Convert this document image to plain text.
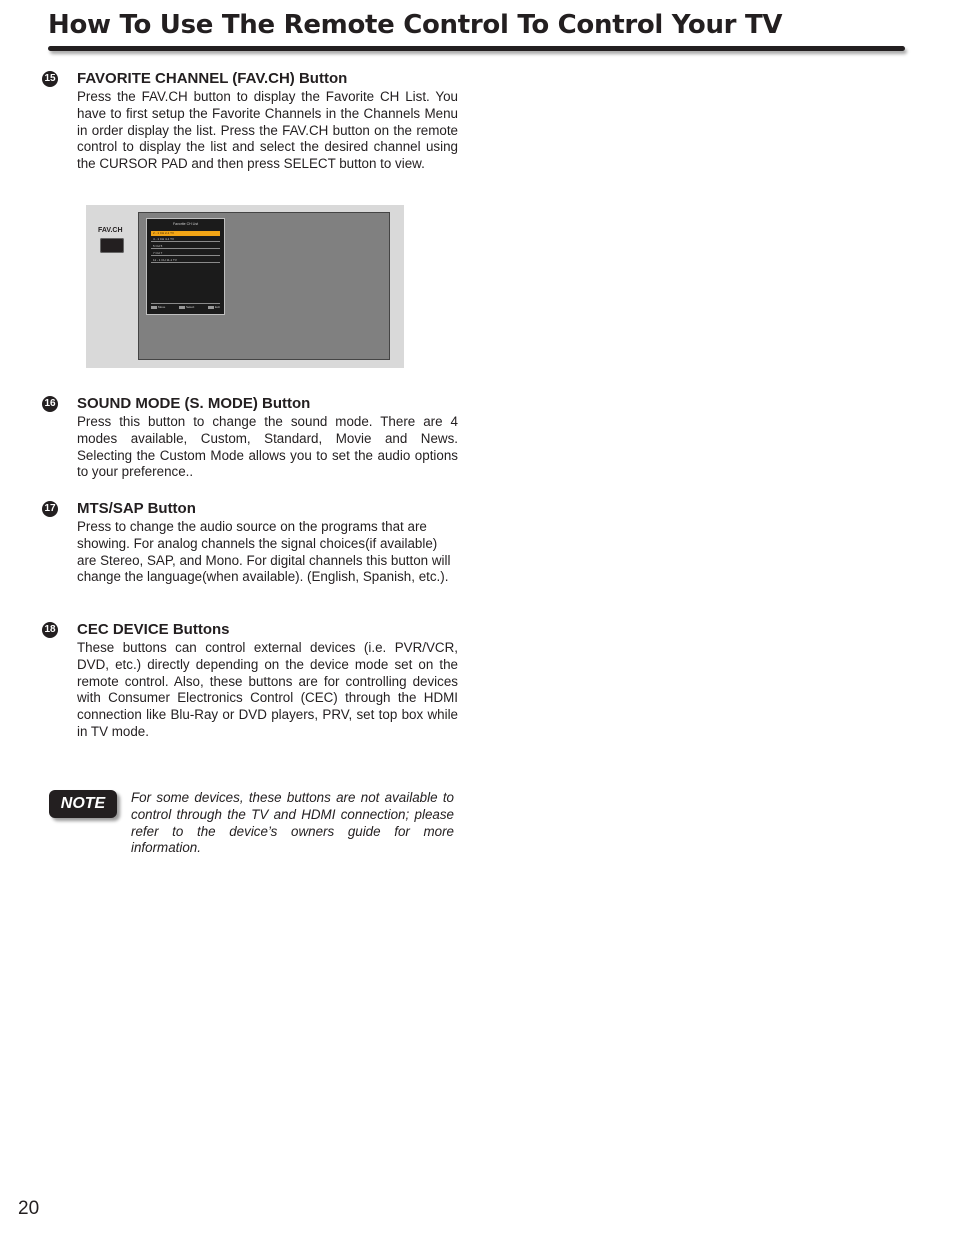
How To Use The Remote Control To Control Your TV
15 FAVORITE CHANNEL (FAV.CH) Button

Press the FAV.CH button to display the Favorite CH List. You have to first setup the Favorite Channels in the Channels Menu in order display the list. Press the FAV.CH button on the remote control to display the list and select the desired channel using the CURSOR PAD and then press SELECT button to view.

FAV.CH
Favorite CH List
2 - 1 CH 2-1 TV
4 - 1 CH 4-1 TV
5 CH 5
7 CH 7
11 - 1 CH 11-1 TV
Move	Select	Exit
16 SOUND MODE (S. MODE) Button

Press this button to change the sound mode. There are 4 modes available, Custom, Standard, Movie and News. Selecting the Custom Mode allows you to set the audio options to your preference..

17 MTS/SAP Button

Press to change the audio source on the programs that are showing. For analog channels the signal choices(if available) are Stereo, SAP, and Mono. For digital channels this button will change the language(when available). (English, Spanish, etc.).

18 CEC DEVICE Buttons

These buttons can control external devices (i.e. PVR/VCR, DVD, etc.) directly depending on the device mode set on the remote control. Also, these buttons are for controlling devices with Consumer Electronics Control (CEC) through the HDMI connection like Blu-Ray or DVD players, PRV, set top box while in TV mode.

NOTE	For some devices, these buttons are not available to control through the TV and HDMI connection; please refer to the device’s owners guide for more information.

20
